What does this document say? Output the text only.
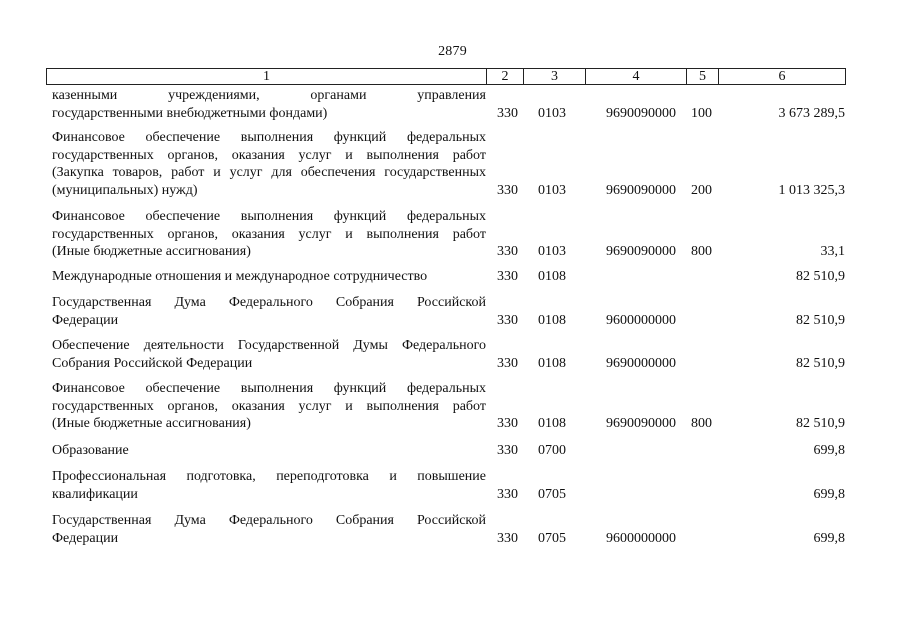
2879
1	2	3	4	5	6
казенными учреждениями, органами управления
государственными внебюджетными фондами)	330 0103	9690090000 100	3 673 289,5
Финансовое обеспечение выполнения функций федеральных
государственных органов, оказания услуг и выполнения работ
(Закупка товаров, работ и услуг для обеспечения государственных
(муниципальных) нужд)	330 0103	9690090000 200	1 013 325,3
Финансовое обеспечение выполнения функций федеральных
государственных органов, оказания услуг и выполнения работ
(Иные бюджетные ассигнования)	330 0103	9690090000 800	33,1
Международные отношения и международное сотрудничество	330 0108	82 510,9
Государственная Дума Федерального Собрания Российской
Федерации	330 0108	9600000000	82 510,9
Обеспечение деятельности Государственной Думы Федерального
Собрания Российской Федерации	330 0108	9690000000	82 510,9
Финансовое обеспечение выполнения функций федеральных
государственных органов, оказания услуг и выполнения работ
(Иные бюджетные ассигнования)	330 0108	9690090000 800	82 510,9
Образование	330 0700	699,8
Профессиональная подготовка, переподготовка и повышение
квалификации	330 0705	699,8
Государственная Дума Федерального Собрания Российской
Федерации	330 0705	9600000000	699,8
